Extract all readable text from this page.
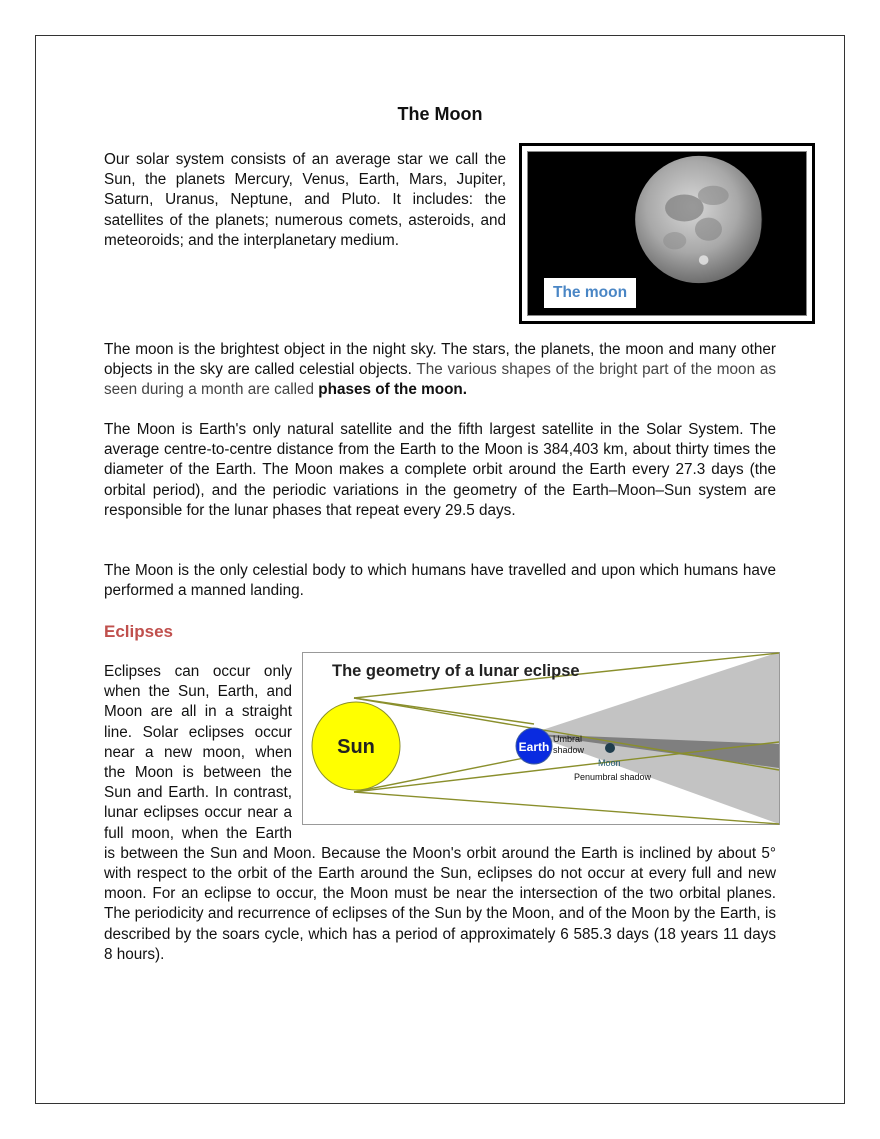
The Moon

Our solar system consists of an average star we call the Sun, the planets Mercury, Venus, Earth, Mars, Jupiter, Saturn, Uranus, Neptune, and Pluto. It includes: the satellites of the planets; numerous comets, asteroids, and meteoroids; and the interplanetary medium.

The moon

The moon is the brightest object in the night sky. The stars, the planets, the moon and many other objects in the sky are called celestial objects. The various shapes of the bright part of the moon as seen during a month are called phases of the moon.

The Moon is Earth's only natural satellite and the fifth largest satellite in the Solar System. The average centre-to-centre distance from the Earth to the Moon is 384,403 km, about thirty times the diameter of the Earth. The Moon makes a complete orbit around the Earth every 27.3 days (the orbital period), and the periodic variations in the geometry of the Earth–Moon–Sun system are responsible for the lunar phases that repeat every 29.5 days.

The Moon is the only celestial body to which humans have travelled and upon which humans have performed a manned landing.

Eclipses
Sun	Earth
Umbral
shadow
Moon
Penumbral shadow
The geometry of a lunar eclipse
Eclipses can occur only when the Sun, Earth, and Moon are all in a straight line. Solar eclipses occur near a new moon, when the Moon is between the Sun and Earth. In contrast, lunar eclipses occur near a full moon, when the Earth is between the Sun and Moon. Because the Moon's orbit around the Earth is inclined by about 5° with respect to the orbit of the Earth around the Sun, eclipses do not occur at every full and new moon. For an eclipse to occur, the Moon must be near the intersection of the two orbital planes. The periodicity and recurrence of eclipses of the Sun by the Moon, and of the Moon by the Earth, is described by the soars cycle, which has a period of approximately 6 585.3 days (18 years 11 days 8 hours).
